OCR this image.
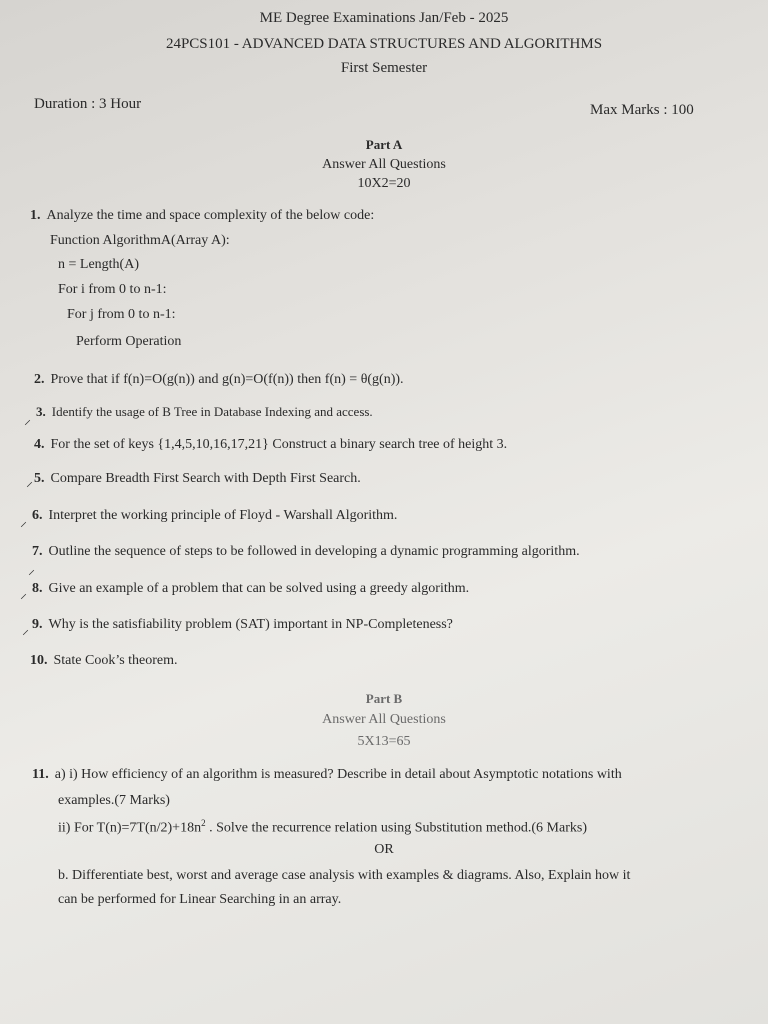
ME Degree Examinations Jan/Feb - 2025
24PCS101 - ADVANCED DATA STRUCTURES AND ALGORITHMS
First Semester
Duration : 3 Hour	Max Marks : 100
Part A
Answer All Questions
10X2=20
1. Analyze the time and space complexity of the below code:
Function AlgorithmA(Array A):
n = Length(A)
For i from 0 to n-1:
For j from 0 to n-1:
Perform Operation
2. Prove that if f(n)=O(g(n)) and g(n)=O(f(n)) then f(n) = θ(g(n)).
⸝
3. Identify the usage of B Tree in Database Indexing and access.
4. For the set of keys {1,4,5,10,16,17,21} Construct a binary search tree of height 3.
⸝ 5. Compare Breadth First Search with Depth First Search.
⸝ 6. Interpret the working principle of Floyd - Warshall Algorithm.
7. Outline the sequence of steps to be followed in developing a dynamic programming algorithm.
⸝
⸝ 8. Give an example of a problem that can be solved using a greedy algorithm.
⸝ 9. Why is the satisfiability problem (SAT) important in NP-Completeness?
10. State Cook’s theorem.
Part B
Answer All Questions
5X13=65
11. a) i) How efficiency of an algorithm is measured? Describe in detail about Asymptotic notations with
examples.(7 Marks)
ii) For $T(n)=7T(n/2)+18n^2$ . Solve the recurrence relation using Substitution method.(6 Marks)
OR
b. Differentiate best, worst and average case analysis with examples & diagrams. Also, Explain how it
can be performed for Linear Searching in an array.
